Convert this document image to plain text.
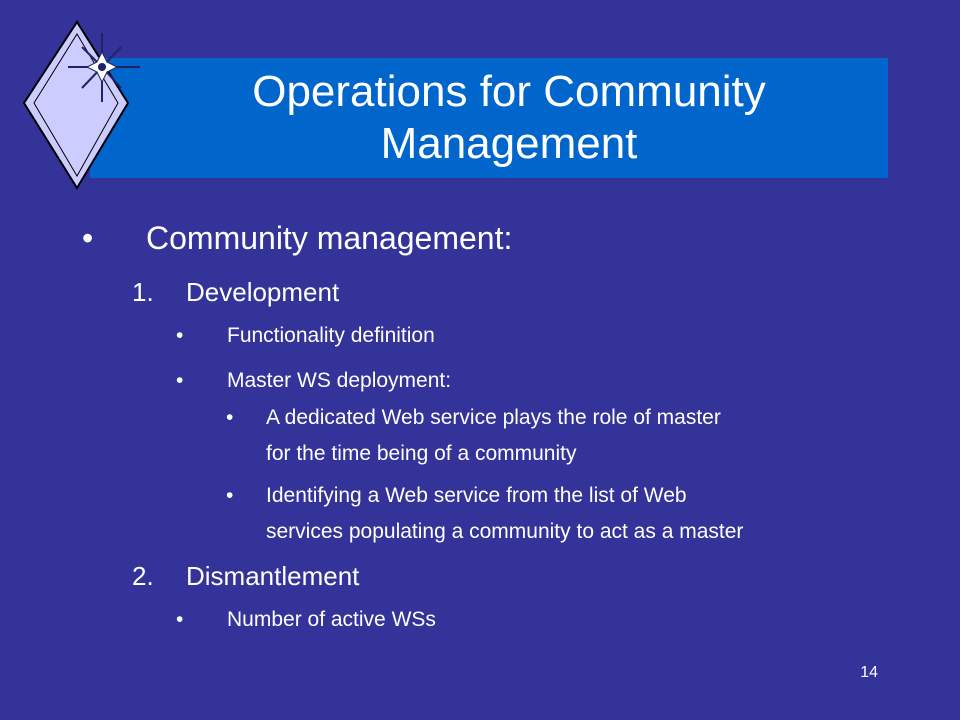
Operations for Community
Management
• Community management:
1. Development
• Functionality definition
• Master WS deployment:
• A dedicated Web service plays the role of master
for the time being of a community
• Identifying a Web service from the list of Web
services populating a community to act as a master
2. Dismantlement
• Number of active WSs
14
